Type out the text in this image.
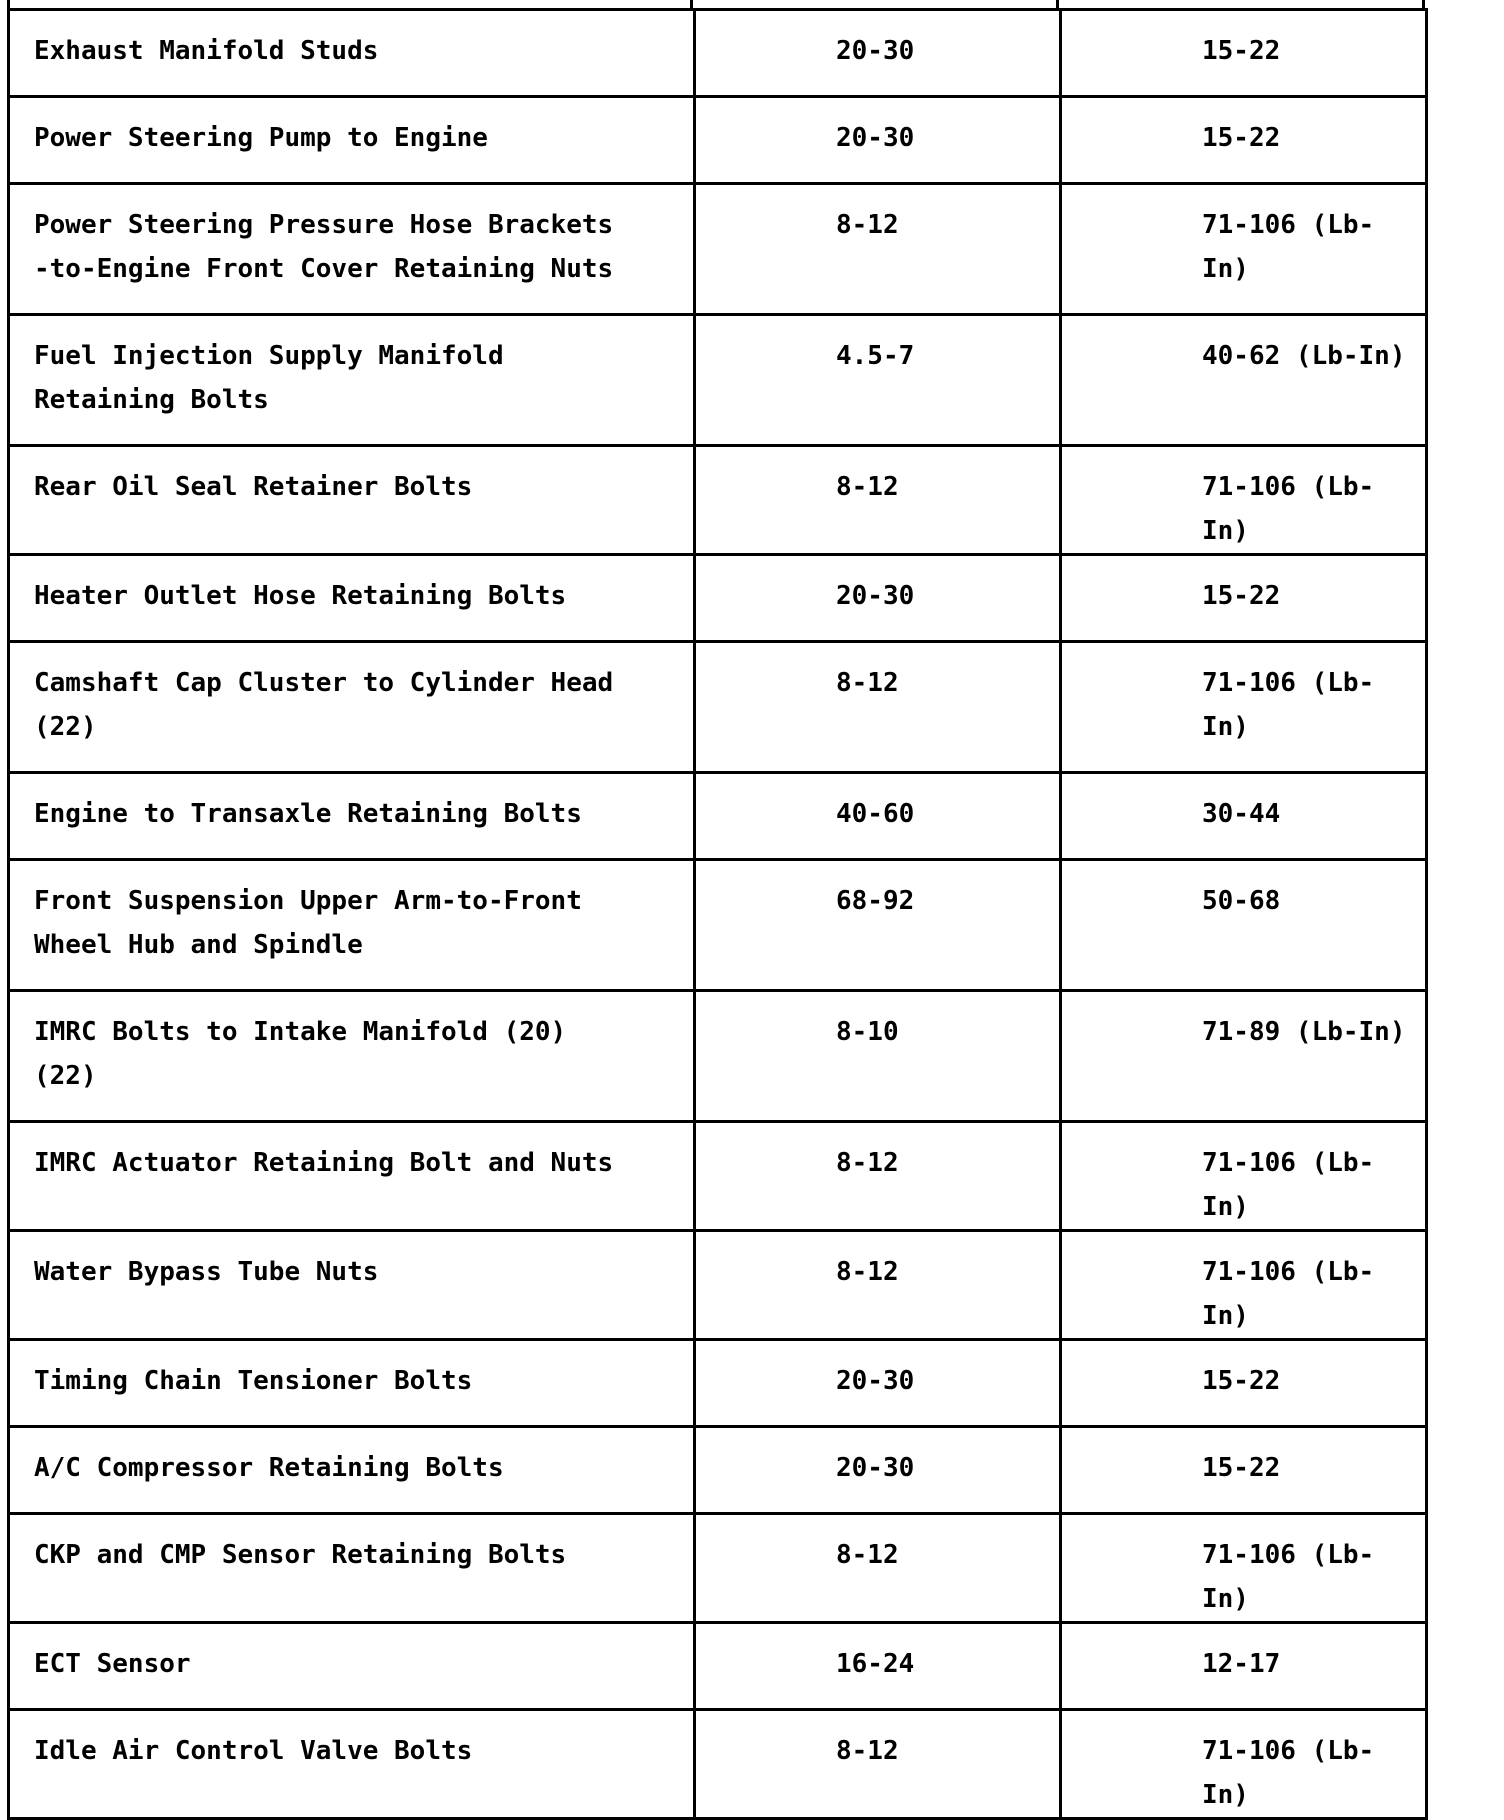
Exhaust Manifold Studs	20-30	15-22
Power Steering Pump to Engine	20-30	15-22
Power Steering Pressure Hose Brackets
-to-Engine Front Cover Retaining Nuts	8-12	71-106 (Lb-In)
Fuel Injection Supply Manifold
Retaining Bolts	4.5-7	40-62 (Lb-In)
Rear Oil Seal Retainer Bolts	8-12	71-106 (Lb-In)
Heater Outlet Hose Retaining Bolts	20-30	15-22
Camshaft Cap Cluster to Cylinder Head
(22)	8-12	71-106 (Lb-In)
Engine to Transaxle Retaining Bolts	40-60	30-44
Front Suspension Upper Arm-to-Front
Wheel Hub and Spindle	68-92	50-68
IMRC Bolts to Intake Manifold (20)
(22)	8-10	71-89 (Lb-In)
IMRC Actuator Retaining Bolt and Nuts	8-12	71-106 (Lb-In)
Water Bypass Tube Nuts	8-12	71-106 (Lb-In)
Timing Chain Tensioner Bolts	20-30	15-22
A/C Compressor Retaining Bolts	20-30	15-22
CKP and CMP Sensor Retaining Bolts	8-12	71-106 (Lb-In)
ECT Sensor	16-24	12-17
Idle Air Control Valve Bolts	8-12	71-106 (Lb-In)
